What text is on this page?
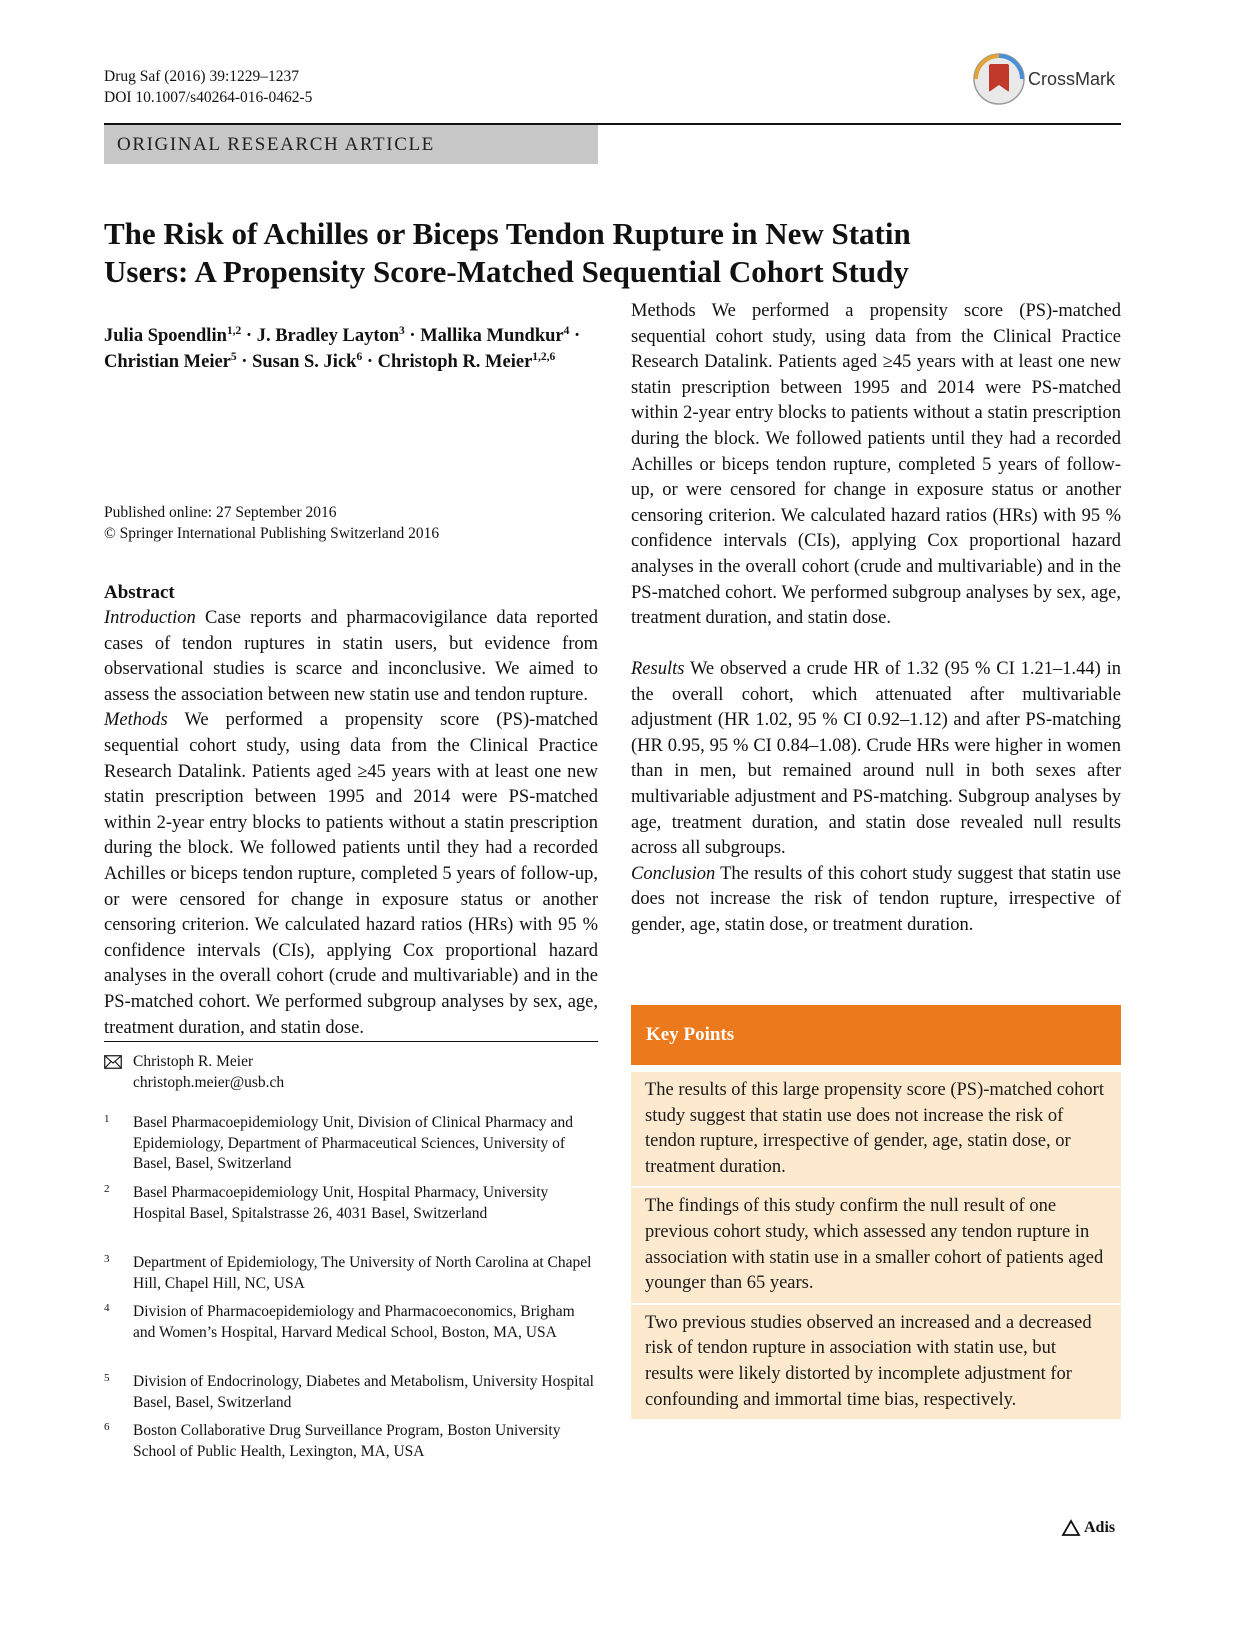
Drug Saf (2016) 39:1229–1237
DOI 10.1007/s40264-016-0462-5
CrossMark
ORIGINAL RESEARCH ARTICLE
The Risk of Achilles or Biceps Tendon Rupture in New Statin
Users: A Propensity Score-Matched Sequential Cohort Study
Julia Spoendlin$^{1,2}$ · J. Bradley Layton$^3$ · Mallika Mundkur$^4$ ·
Christian Meier$^5$ · Susan S. Jick$^6$ · Christoph R. Meier$^{1,2,6}$
Published online: 27 September 2016
© Springer International Publishing Switzerland 2016
Abstract

Introduction Case reports and pharmacovigilance data reported cases of tendon ruptures in statin users, but evidence from observational studies is scarce and inconclusive. We aimed to assess the association between new statin use and tendon rupture.

Methods We performed a propensity score (PS)-matched sequential cohort study, using data from the Clinical Practice Research Datalink. Patients aged ≥45 years with at least one new statin prescription between 1995 and 2014 were PS-matched within 2-year entry blocks to patients without a statin prescription during the block. We followed patients until they had a recorded Achilles or biceps tendon rupture, completed 5 years of follow-up, or were censored for change in exposure status or another censoring criterion. We calculated hazard ratios (HRs) with 95 % confidence intervals (CIs), applying Cox proportional hazard analyses in the overall cohort (crude and multivariable) and in the PS-matched cohort. We performed subgroup analyses by sex, age, treatment duration, and statin dose.

Methods We performed a propensity score (PS)-matched sequential cohort study, using data from the Clinical Practice Research Datalink. Patients aged ≥45 years with at least one new statin prescription between 1995 and 2014 were PS-matched within 2-year entry blocks to patients without a statin prescription during the block. We followed patients until they had a recorded Achilles or biceps tendon rupture, completed 5 years of follow-up, or were censored for change in exposure status or another censoring criterion. We calculated hazard ratios (HRs) with 95 % confidence intervals (CIs), applying Cox proportional hazard analyses in the overall cohort (crude and multivariable) and in the PS-matched cohort. We performed subgroup analyses by sex, age, treatment duration, and statin dose.

Results We observed a crude HR of 1.32 (95 % CI 1.21–1.44) in the overall cohort, which attenuated after multivariable adjustment (HR 1.02, 95 % CI 0.92–1.12) and after PS-matching (HR 0.95, 95 % CI 0.84–1.08). Crude HRs were higher in women than in men, but remained around null in both sexes after multivariable adjustment and PS-matching. Subgroup analyses by age, treatment duration, and statin dose revealed null results across all subgroups.

Conclusion The results of this cohort study suggest that statin use does not increase the risk of tendon rupture, irrespective of gender, age, statin dose, or treatment duration.

Christoph R. Meier
christoph.meier@usb.ch
1 Basel Pharmacoepidemiology Unit, Division of Clinical Pharmacy and Epidemiology, Department of Pharmaceutical Sciences, University of Basel, Basel, Switzerland
2 Basel Pharmacoepidemiology Unit, Hospital Pharmacy, University Hospital Basel, Spitalstrasse 26, 4031 Basel, Switzerland
3 Department of Epidemiology, The University of North Carolina at Chapel Hill, Chapel Hill, NC, USA
4 Division of Pharmacoepidemiology and Pharmacoeconomics, Brigham and Women’s Hospital, Harvard Medical School, Boston, MA, USA
5 Division of Endocrinology, Diabetes and Metabolism, University Hospital Basel, Basel, Switzerland
6 Boston Collaborative Drug Surveillance Program, Boston University School of Public Health, Lexington, MA, USA
Key Points
The results of this large propensity score (PS)-matched cohort study suggest that statin use does not increase the risk of tendon rupture, irrespective of gender, age, statin dose, or treatment duration.
The findings of this study confirm the null result of one previous cohort study, which assessed any tendon rupture in association with statin use in a smaller cohort of patients aged younger than 65 years.
Two previous studies observed an increased and a decreased risk of tendon rupture in association with statin use, but results were likely distorted by incomplete adjustment for confounding and immortal time bias, respectively.
Adis
